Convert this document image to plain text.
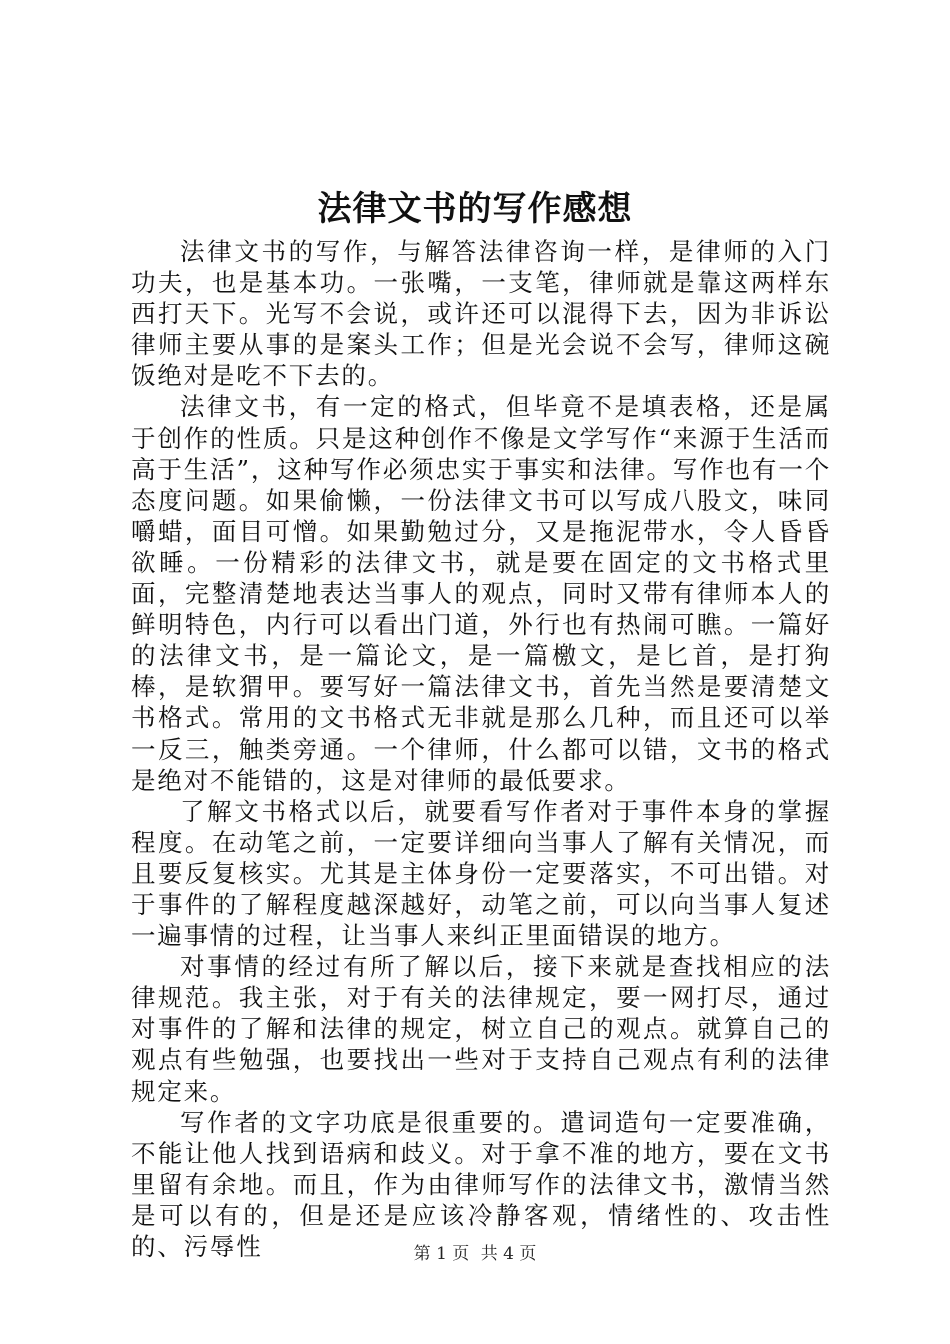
法律文书的写作感想

法律文书的写作，与解答法律咨询一样，是律师的入门功夫，也是基本功。一张嘴，一支笔，律师就是靠这两样东西打天下。光写不会说，或许还可以混得下去，因为非诉讼律师主要从事的是案头工作；但是光会说不会写，律师这碗饭绝对是吃不下去的。

法律文书，有一定的格式，但毕竟不是填表格，还是属于创作的性质。只是这种创作不像是文学写作“来源于生活而高于生活”，这种写作必须忠实于事实和法律。写作也有一个态度问题。如果偷懒，一份法律文书可以写成八股文，味同嚼蜡，面目可憎。如果勤勉过分，又是拖泥带水，令人昏昏欲睡。一份精彩的法律文书，就是要在固定的文书格式里面，完整清楚地表达当事人的观点，同时又带有律师本人的鲜明特色，内行可以看出门道，外行也有热闹可瞧。一篇好的法律文书，是一篇论文，是一篇檄文，是匕首，是打狗棒，是软猬甲。要写好一篇法律文书，首先当然是要清楚文书格式。常用的文书格式无非就是那么几种，而且还可以举一反三，触类旁通。一个律师，什么都可以错，文书的格式是绝对不能错的，这是对律师的最低要求。

了解文书格式以后，就要看写作者对于事件本身的掌握程度。在动笔之前，一定要详细向当事人了解有关情况，而且要反复核实。尤其是主体身份一定要落实，不可出错。对于事件的了解程度越深越好，动笔之前，可以向当事人复述一遍事情的过程，让当事人来纠正里面错误的地方。

对事情的经过有所了解以后，接下来就是查找相应的法律规范。我主张，对于有关的法律规定，要一网打尽，通过对事件的了解和法律的规定，树立自己的观点。就算自己的观点有些勉强，也要找出一些对于支持自己观点有利的法律规定来。

写作者的文字功底是很重要的。遣词造句一定要准确，不能让他人找到语病和歧义。对于拿不准的地方，要在文书里留有余地。而且，作为由律师写作的法律文书，激情当然是可以有的，但是还是应该冷静客观，情绪性的、攻击性的、污辱性	第 1 页 共 4 页
